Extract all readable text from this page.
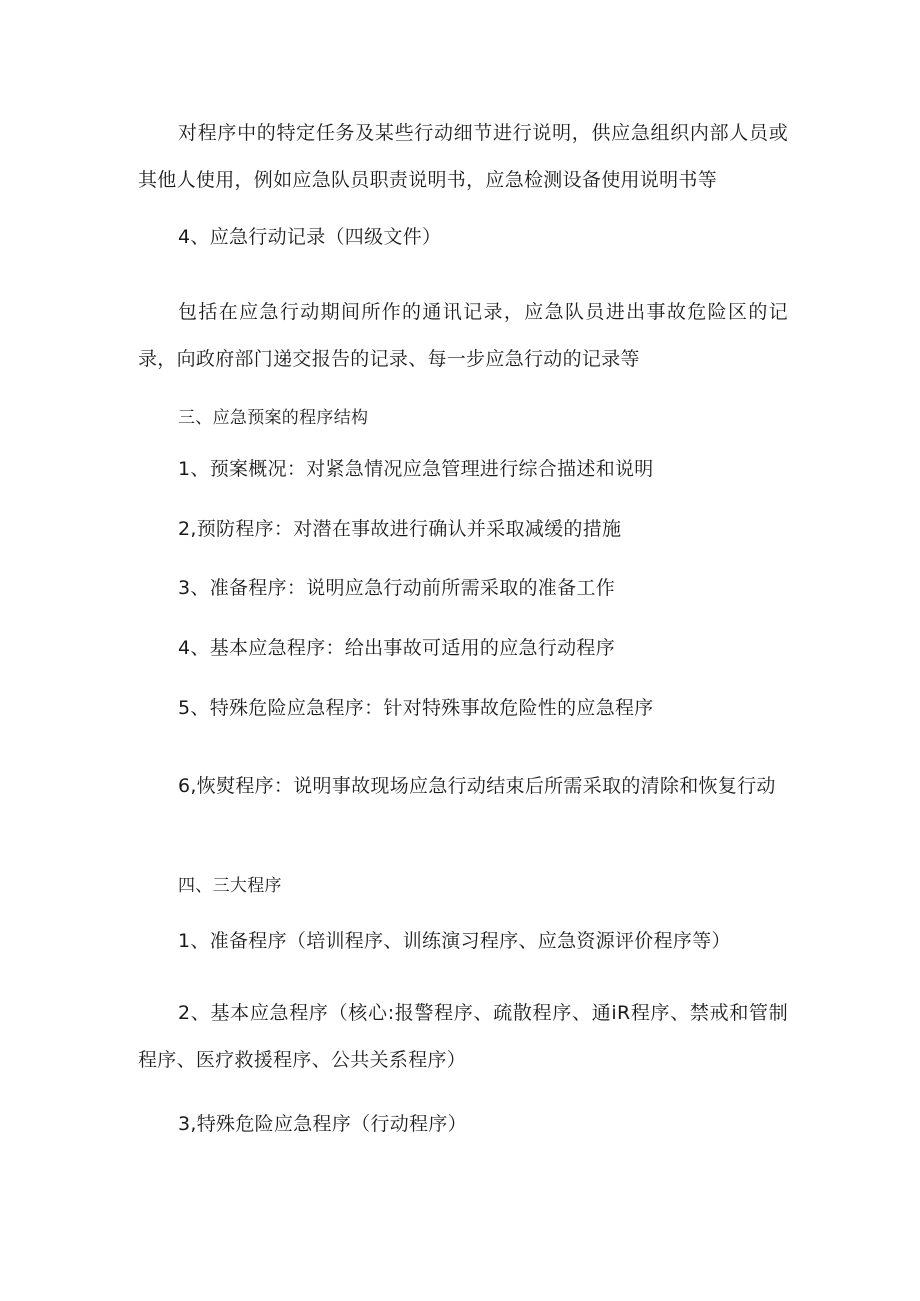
对程序中的特定任务及某些行动细节进行说明，供应急组织内部人员或其他人使用，例如应急队员职责说明书，应急检测设备使用说明书等

4、应急行动记录（四级文件）

包括在应急行动期间所作的通讯记录，应急队员进出事故危险区的记录，向政府部门递交报告的记录、每一步应急行动的记录等

三、应急预案的程序结构

1、预案概况：对紧急情况应急管理进行综合描述和说明

2,预防程序：对潜在事故进行确认并采取减缓的措施

3、准备程序：说明应急行动前所需采取的准备工作

4、基本应急程序：给出事故可适用的应急行动程序

5、特殊危险应急程序：针对特殊事故危险性的应急程序

6,恢熨程序：说明事故现场应急行动结束后所需采取的清除和恢复行动

四、三大程序

1、准备程序（培训程序、训练演习程序、应急资源评价程序等）

2、基本应急程序（核心:报警程序、疏散程序、通iR程序、禁戒和管制程序、医疗救援程序、公共关系程序）

3,特殊危险应急程序（行动程序）
